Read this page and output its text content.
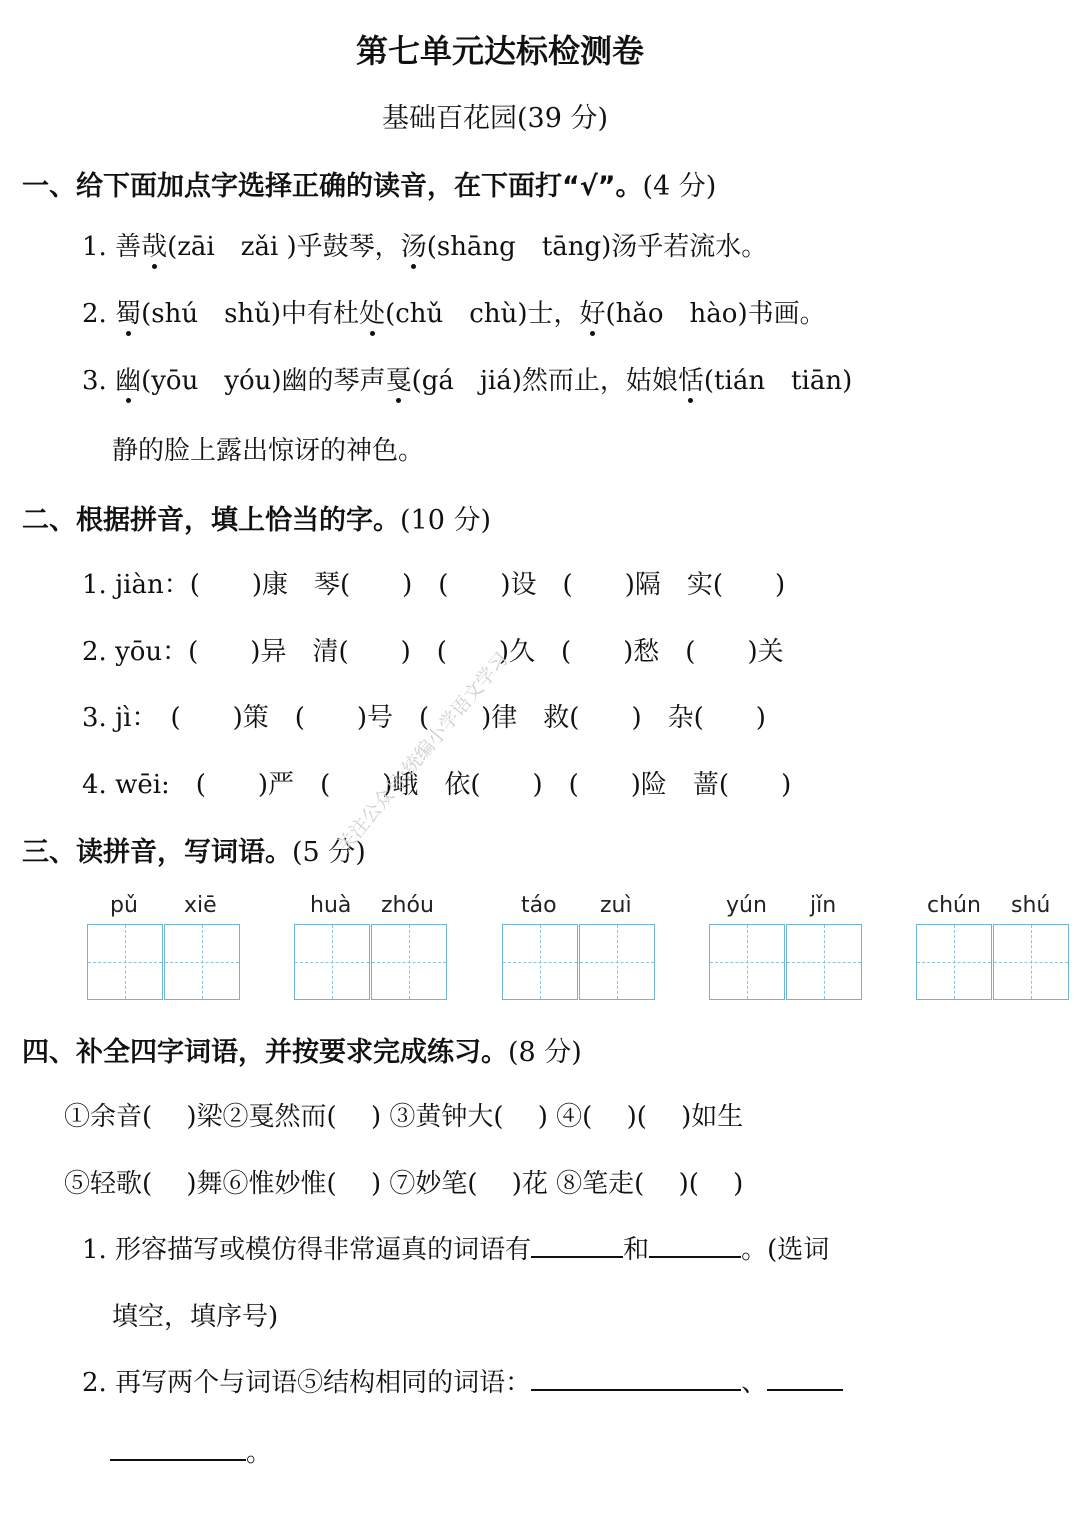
第七单元达标检测卷
基础百花园(39 分)
一、给下面加点字选择正确的读音，在下面打“√”。(4 分)
1. 善哉(zāi　zǎi )乎鼓琴，汤(shāng　tāng)汤乎若流水。
2. 蜀(shú　shǔ)中有杜处(chǔ　chù)士，好(hǎo　hào)书画。
3. 幽(yōu　yóu)幽的琴声戛(gá　jiá)然而止，姑娘恬(tián　tiān)
静的脸上露出惊讶的神色。
二、根据拼音，填上恰当的字。(10 分)
1. jiàn：(　　)康　琴(　　)　(　　)设　(　　)隔　实(　　)
2. yōu：(　　)异　清(　　)　(　　)久　(　　)愁　(　　)关
3. jì：　(　　)策　(　　)号　(　　)律　救(　　)　杂(　　)
4. wēi:　(　　)严　(　　)峨　依(　　)　(　　)险　蔷(　　)
三、读拼音，写词语。(5 分)
pǔ xiē	huà zhóu	táo zuì	yún jǐn	chún shú
四、补全四字词语，并按要求完成练习。(8 分)
①余音(　 )梁②戛然而(　 ) ③黄钟大(　 ) ④(　 )(　 )如生
⑤轻歌(　 )舞⑥惟妙惟(　 ) ⑦妙笔(　 )花 ⑧笔走(　 )(　 )
1. 形容描写或模仿得非常逼真的词语有	和	。(选词
填空，填序号)
2. 再写两个与词语⑤结构相同的词语：	、
。
关注公众号:统编小学语文学习
